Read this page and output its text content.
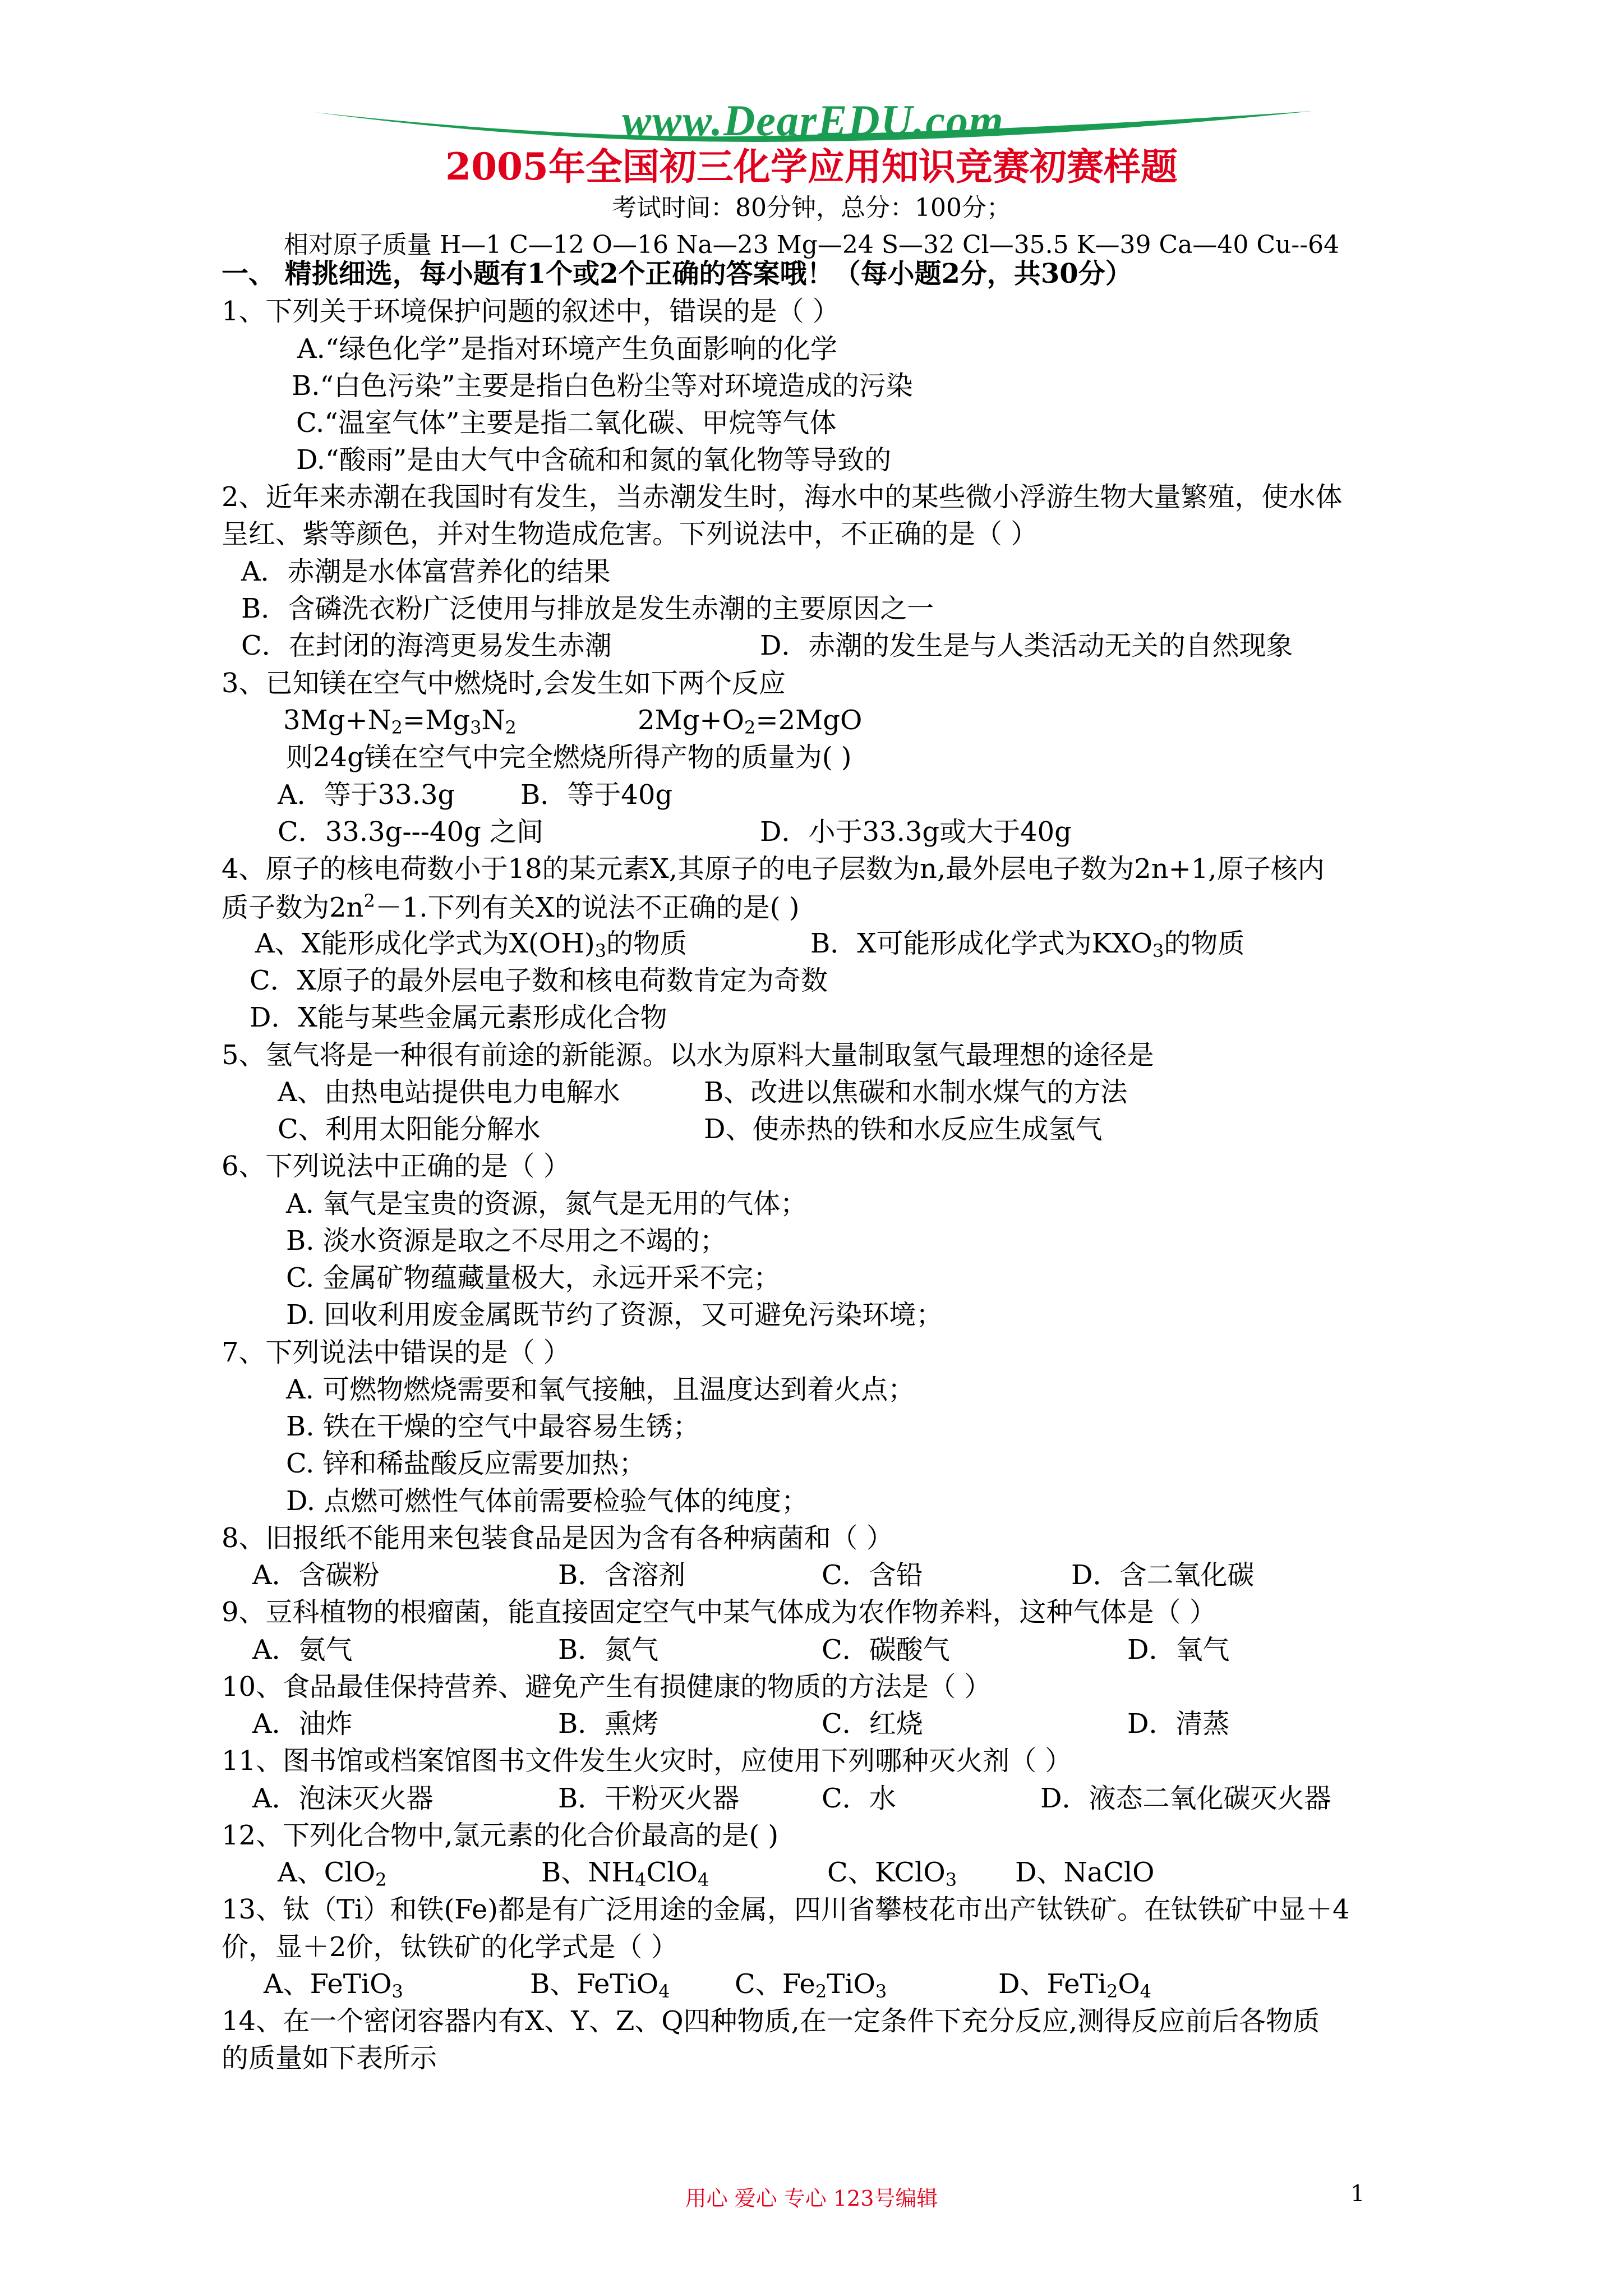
www.DearEDU.com
2005年全国初三化学应用知识竞赛初赛样题
考试时间：80分钟，总分：100分；
相对原子质量 H—1 C—12 O—16 Na—23 Mg—24 S—32 Cl—35.5 K—39 Ca—40 Cu--64
一、 精挑细选，每小题有1个或2个正确的答案哦！（每小题2分，共30分）
1、下列关于环境保护问题的叙述中，错误的是（ ）
A.“绿色化学”是指对环境产生负面影响的化学
B.“白色污染”主要是指白色粉尘等对环境造成的污染
C.“温室气体”主要是指二氧化碳、甲烷等气体
D.“酸雨”是由大气中含硫和和氮的氧化物等导致的
2、近年来赤潮在我国时有发生，当赤潮发生时，海水中的某些微小浮游生物大量繁殖，使水体
呈红、紫等颜色，并对生物造成危害。下列说法中，不正确的是（ ）
A．赤潮是水体富营养化的结果
B．含磷洗衣粉广泛使用与排放是发生赤潮的主要原因之一
C．在封闭的海湾更易发生赤潮	D．赤潮的发生是与人类活动无关的自然现象
3、已知镁在空气中燃烧时,会发生如下两个反应
$3Mg+N_2=Mg_3N_2$	$2Mg+O_2=2MgO$
则24g镁在空气中完全燃烧所得产物的质量为( )
A．等于33.3g B．等于40g
C．33.3g---40g 之间	D．小于33.3g或大于40g
4、原子的核电荷数小于18的某元素X,其原子的电子层数为n,最外层电子数为2n+1,原子核内
质子数为$2n^2-1$.下列有关X的说法不正确的是( )
A、X能形成化学式为$X(OH)_3$的物质	B．X可能形成化学式为$KXO_3$的物质
C．X原子的最外层电子数和核电荷数肯定为奇数
D．X能与某些金属元素形成化合物
5、氢气将是一种很有前途的新能源。以水为原料大量制取氢气最理想的途径是
A、由热电站提供电力电解水	B、改进以焦碳和水制水煤气的方法
C、利用太阳能分解水	D、使赤热的铁和水反应生成氢气
6、下列说法中正确的是（ ）
A. 氧气是宝贵的资源，氮气是无用的气体；
B. 淡水资源是取之不尽用之不竭的；
C. 金属矿物蕴藏量极大，永远开采不完；
D. 回收利用废金属既节约了资源，又可避免污染环境；
7、下列说法中错误的是（ ）
A. 可燃物燃烧需要和氧气接触，且温度达到着火点；
B. 铁在干燥的空气中最容易生锈；
C. 锌和稀盐酸反应需要加热；
D. 点燃可燃性气体前需要检验气体的纯度；
8、旧报纸不能用来包装食品是因为含有各种病菌和（ ）
A．含碳粉	B．含溶剂	C．含铅	D．含二氧化碳
9、豆科植物的根瘤菌，能直接固定空气中某气体成为农作物养料，这种气体是（ ）
A．氨气	B．氮气	C．碳酸气	D．氧气
10、食品最佳保持营养、避免产生有损健康的物质的方法是（ ）
A．油炸	B．熏烤	C．红烧	D．清蒸
11、图书馆或档案馆图书文件发生火灾时，应使用下列哪种灭火剂（ ）
A．泡沫灭火器	B．干粉灭火器	C．水	D．液态二氧化碳灭火器
12、下列化合物中,氯元素的化合价最高的是( )
A、ClO$_2$	B、$NH_4ClO_4$	C、KClO$_3$ D、NaClO
13、钛（Ti）和铁(Fe)都是有广泛用途的金属，四川省攀枝花市出产钛铁矿。在钛铁矿中显＋4
价，显＋2价，钛铁矿的化学式是（ ）
A、FeTiO$_3$	B、FeTiO$_4$ C、$Fe_2TiO_3$	D、$FeTi_2O_4$
14、在一个密闭容器内有X、Y、Z、Q四种物质,在一定条件下充分反应,测得反应前后各物质
的质量如下表所示
用心 爱心 专心 123号编辑	1
